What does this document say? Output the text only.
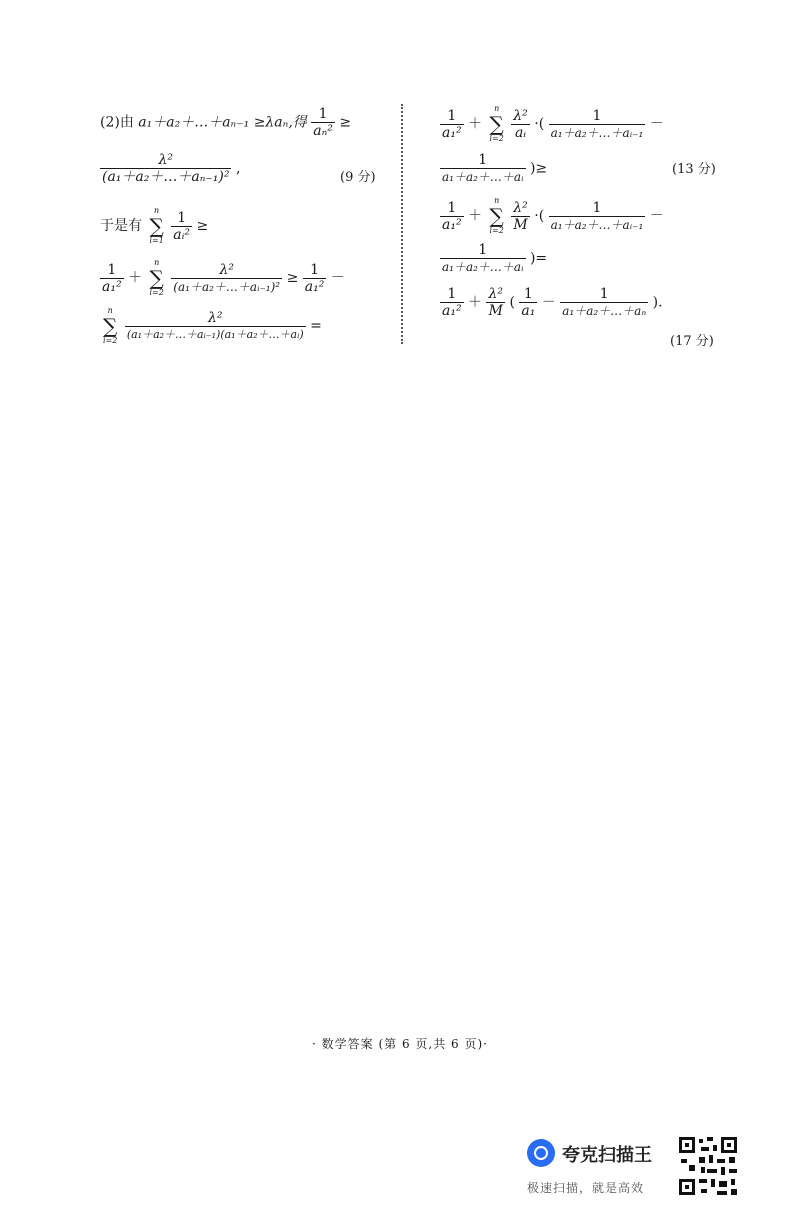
(2)由 a₁＋a₂＋…＋aₙ₋₁ ≥λaₙ,得 $\frac{1}{\text{aₙ²}}$ ≥
$\frac{\text{λ²}}{\text{(a₁＋a₂＋…＋aₙ₋₁)²}}$ ,
(9 分)
于是有
n
∑
i=1
$\frac{1}{\text{aᵢ²}}$ ≥
$\frac{1}{\text{a₁²}}$ ＋
n
∑
i=2
$\frac{\text{λ²}}{\text{(a₁＋a₂＋…＋aᵢ₋₁)²}} \ge \frac{1}{\text{a₁²}}$ －
n
∑
i=2
$\frac{\text{λ²}}{\text{(a₁＋a₂＋…＋aᵢ₋₁)(a₁＋a₂＋…＋aᵢ)}}$ =
$\frac{1}{\text{a₁²}}$ ＋
n
∑
i=2
$\frac{\text{λ²}}{\text{aᵢ}}$ ·( $\frac{1}{\text{a₁＋a₂＋…＋aᵢ₋₁}}$ －
$\frac{1}{\text{a₁＋a₂＋…＋aᵢ}}$ )≥	(13 分)
$\frac{1}{\text{a₁²}}$ ＋
n
∑
i=2
$\frac{\text{λ²}}{M}$ ·( $\frac{1}{\text{a₁＋a₂＋…＋aᵢ₋₁}}$ －
$\frac{1}{\text{a₁＋a₂＋…＋aᵢ}}$ )=
$\frac{1}{\text{a₁²}} + \frac{\text{λ²}}{M}$ ( $\frac{1}{\text{a₁}} - \frac{1}{\text{a₁＋a₂＋…＋aₙ}}$ ).
(17 分)
· 数学答案 (第 6 页,共 6 页)·
夸克扫描王
极速扫描，就是高效
